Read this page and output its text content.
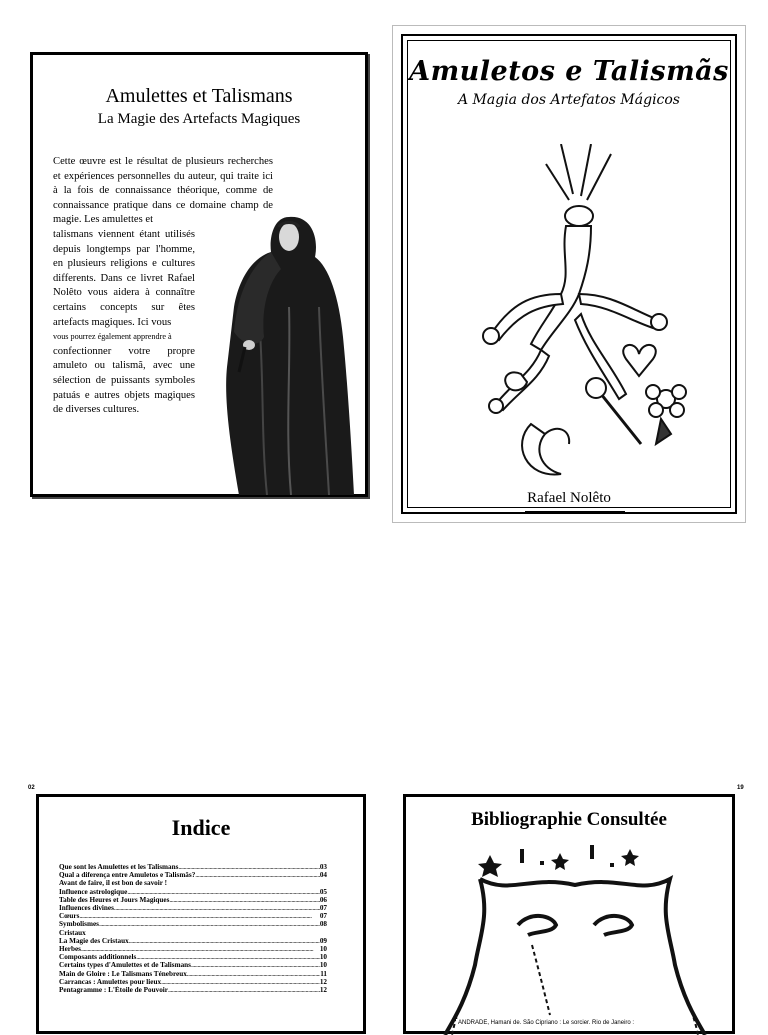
Amulettes et Talismans
La Magie des Artefacts Magiques

Cette œuvre est le résultat de plusieurs recherches et expériences personnelles du auteur, qui traite ici à la fois de connaissance théorique, comme de connaissance pratique dans ce domaine champ de magie. Les amulettes et

talismans viennent étant utilisés depuis longtemps par l'homme, en plusieurs religions e cultures differents. Dans ce livret Rafael Nolêto vous aidera à connaître certains concepts sur êtes artefacts magiques. Ici vous

vous pourrez également apprendre à

confectionner votre propre amuleto ou talismã, avec une sélection de puissants symboles patuás e autres objets magiques de diverses cultures.

Amuletos e Talismãs
A Magia dos Artefatos Mágicos
Rafael Nolêto
02
Indice
Que sont les Amulettes et les Talismans .....	03
Qual a diferença entre Amuletos e Talismãs? .....	04
Avant de faire, il est bon de savoir !
Influence astrologique .....	05
Table des Heures et Jours Magiques .....	06
Influences divines .....	07
Cœurs .....	07
Symbolismes .....	08
Cristaux
La Magie des Cristaux .....	09
Herbes .....	10
Composants additionnels .....	10
Certains types d'Amulettes et de Talismans .....	10
Main de Gloire : Le Talismans Ténebreux .....	11
Carrancas : Amulettes pour lieux .....	12
Pentagramme : L'Étoile de Pouvoir .....	12
19
Bibliographie Consultée
ANDRADE, Hamani de. São Cipriano : Le sorcier. Rio de Janeiro :
